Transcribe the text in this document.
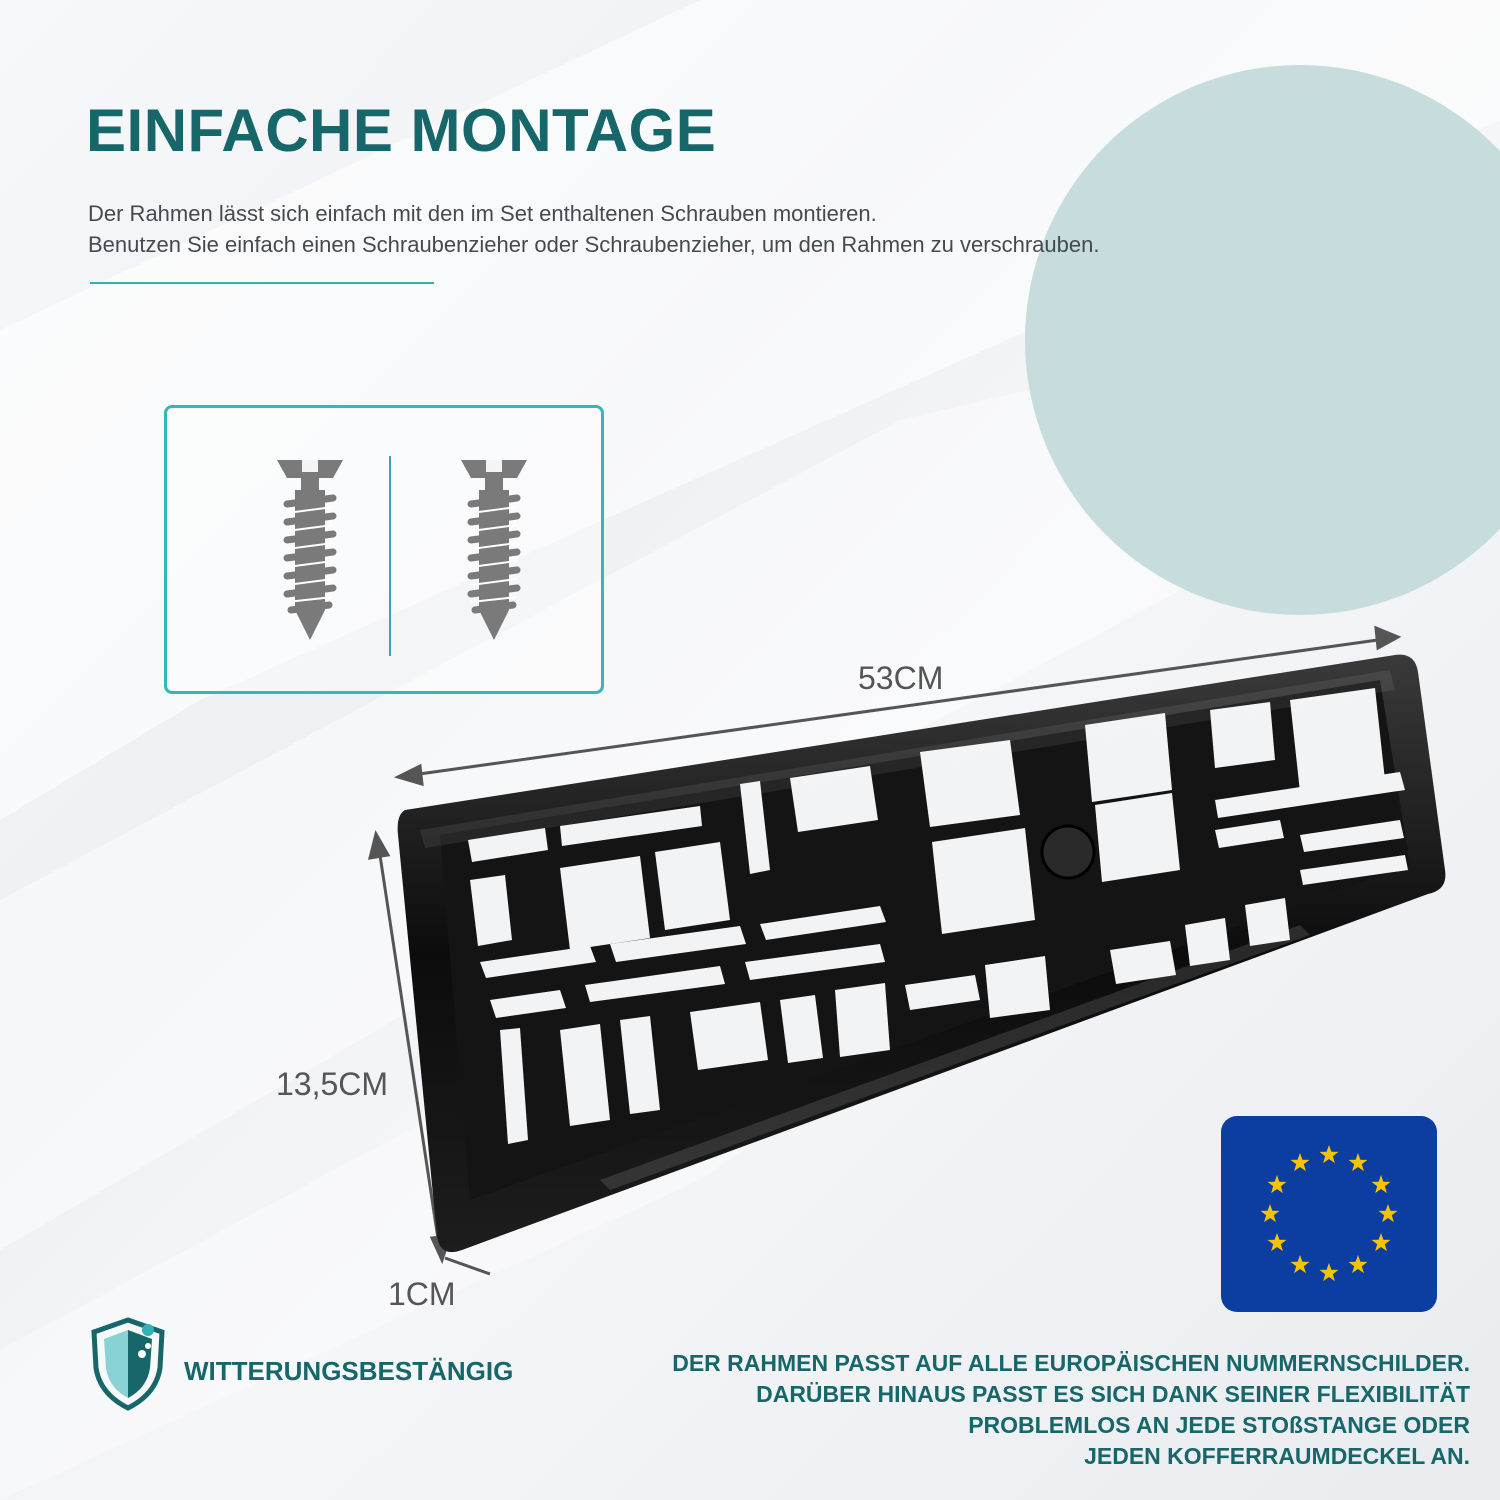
EINFACHE MONTAGE
Der Rahmen lässt sich einfach mit den im Set enthaltenen Schrauben montieren.
Benutzen Sie einfach einen Schraubenzieher oder Schraubenzieher, um den Rahmen zu verschrauben.
53CM
13,5CM
1CM
WITTERUNGSBESTÄNGIG	DER RAHMEN PASST AUF ALLE EUROPÄISCHEN NUMMERNSCHILDER.
DARÜBER HINAUS PASST ES SICH DANK SEINER FLEXIBILITÄT
PROBLEMLOS AN JEDE STOßSTANGE ODER
JEDEN KOFFERRAUMDECKEL AN.
